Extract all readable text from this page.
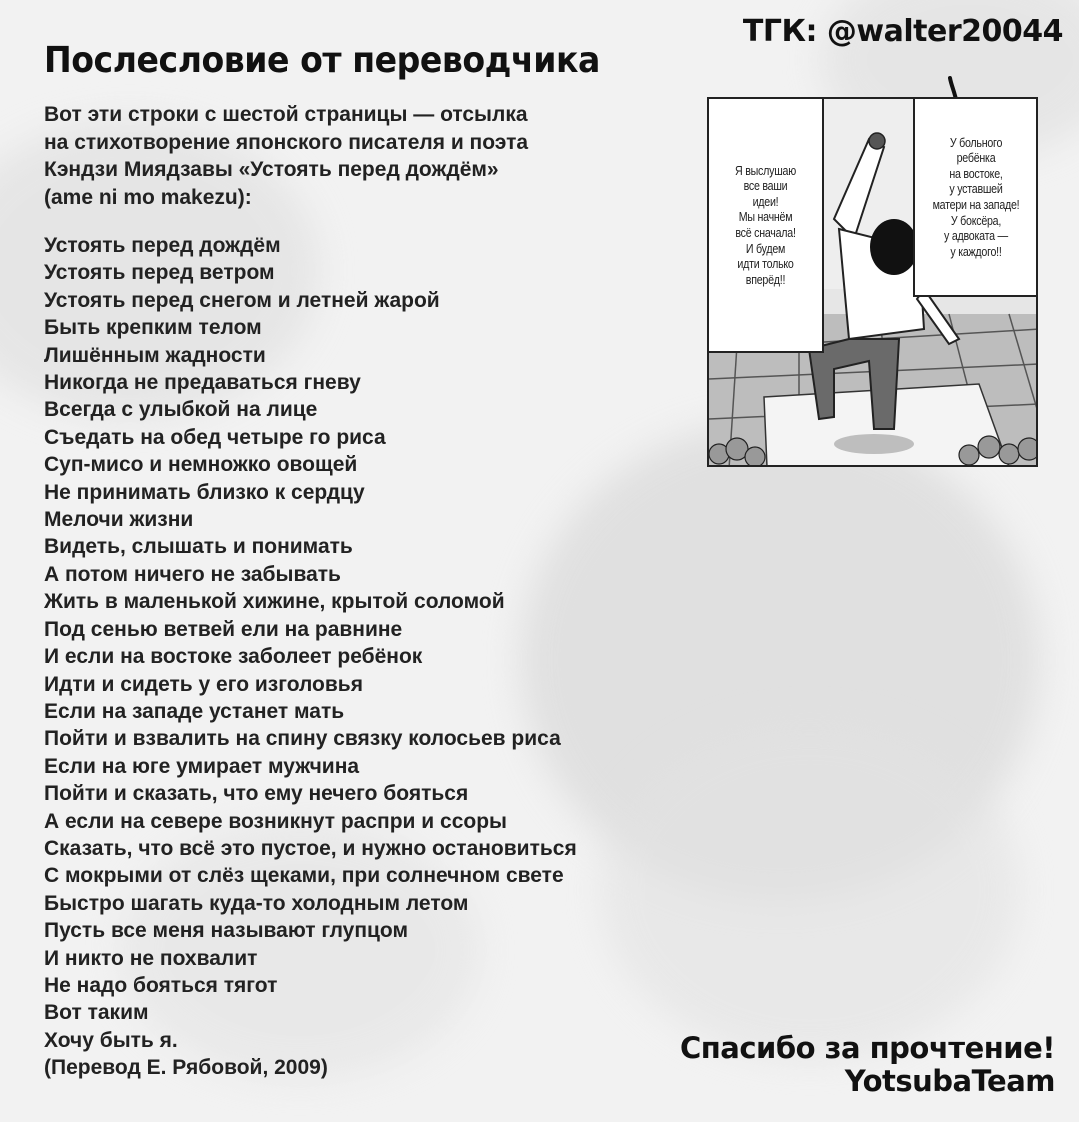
Послесловие от переводчика
ТГК: @walter20044
Вот эти строки с шестой страницы — отсылка
на стихотворение японского писателя и поэта
Кэндзи Миядзавы «Устоять перед дождём»
(ame ni mo makezu):
Устоять перед дождём
Устоять перед ветром
Устоять перед снегом и летней жарой
Быть крепким телом
Лишённым жадности
Никогда не предаваться гневу
Всегда с улыбкой на лице
Съедать на обед четыре го риса
Суп-мисо и немножко овощей
Не принимать близко к сердцу
Мелочи жизни
Видеть, слышать и понимать
А потом ничего не забывать
Жить в маленькой хижине, крытой соломой
Под сенью ветвей ели на равнине
И если на востоке заболеет ребёнок
Идти и сидеть у его изголовья
Если на западе устанет мать
Пойти и взвалить на спину связку колосьев риса
Если на юге умирает мужчина
Пойти и сказать, что ему нечего бояться
А если на севере возникнут распри и ссоры
Сказать, что всё это пустое, и нужно остановиться
С мокрыми от слёз щеками, при солнечном свете
Быстро шагать куда-то холодным летом
Пусть все меня называют глупцом
И никто не похвалит
Не надо бояться тягот
Вот таким
Хочу быть я.
(Перевод Е. Рябовой, 2009)
Я выслушаю
все ваши
идеи!
Мы начнём
всё сначала!
И будем
идти только
вперёд!!
У больного ребёнка
на востоке,
у уставшей
матери на западе!
У боксёра,
у адвоката —
у каждого!!
Спасибо за прочтение!
YotsubaTeam
